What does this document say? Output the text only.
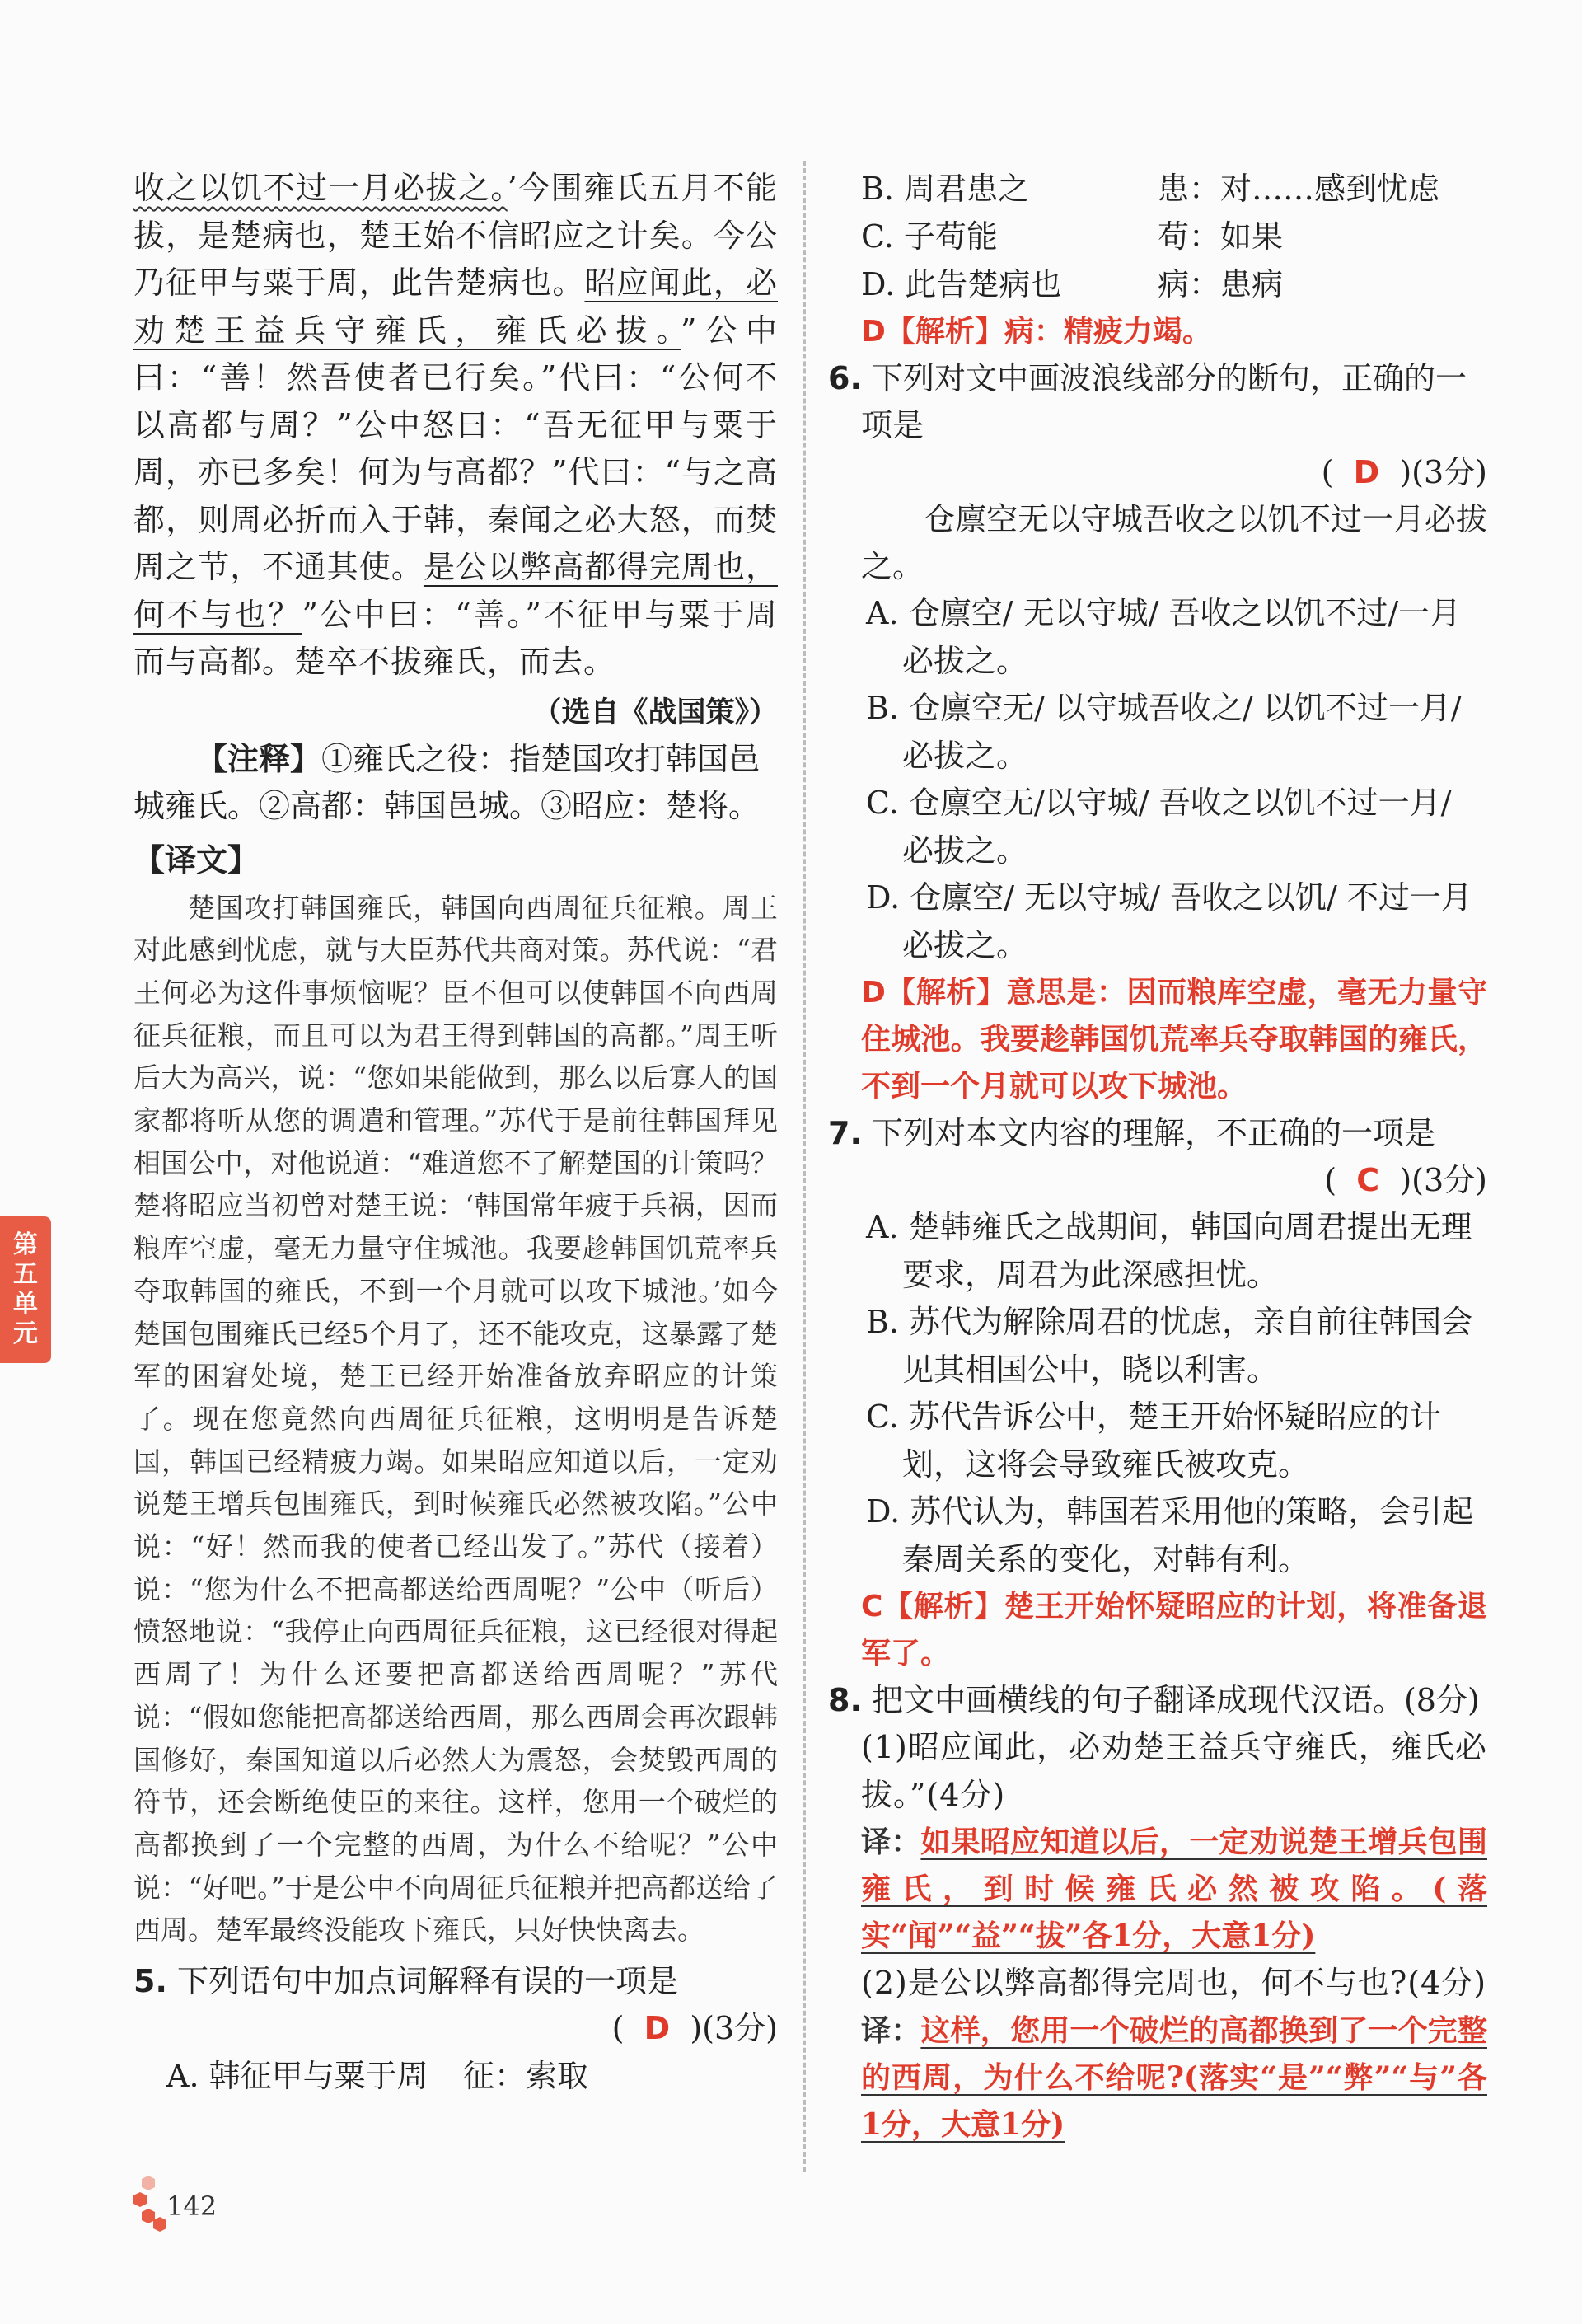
收之以饥不过一月必拔之。’今围雍氏五月不能拔，是楚病也，楚王始不信昭应之计矣。今公乃征甲与粟于周，此告楚病也。昭应闻此，必劝楚王益兵守雍氏，雍氏必拔。”公中曰：“善！然吾使者已行矣。”代曰：“公何不以高都与周？”公中怒曰：“吾无征甲与粟于周，亦已多矣！何为与高都？”代曰：“与之高都，则周必折而入于韩，秦闻之必大怒，而焚周之节，不通其使。是公以弊高都得完周也，何不与也？”公中曰：“善。”不征甲与粟于周而与高都。楚卒不拔雍氏，而去。

（选自《战国策》）

【注释】①雍氏之役：指楚国攻打韩国邑城雍氏。②高都：韩国邑城。③昭应：楚将。

【译文】

楚国攻打韩国雍氏，韩国向西周征兵征粮。周王对此感到忧虑，就与大臣苏代共商对策。苏代说：“君王何必为这件事烦恼呢？臣不但可以使韩国不向西周征兵征粮，而且可以为君王得到韩国的高都。”周王听后大为高兴，说：“您如果能做到，那么以后寡人的国家都将听从您的调遣和管理。”苏代于是前往韩国拜见相国公中，对他说道：“难道您不了解楚国的计策吗？楚将昭应当初曾对楚王说：‘韩国常年疲于兵祸，因而粮库空虚，毫无力量守住城池。我要趁韩国饥荒率兵夺取韩国的雍氏，不到一个月就可以攻下城池。’如今楚国包围雍氏已经5个月了，还不能攻克，这暴露了楚军的困窘处境，楚王已经开始准备放弃昭应的计策了。现在您竟然向西周征兵征粮，这明明是告诉楚国，韩国已经精疲力竭。如果昭应知道以后，一定劝说楚王增兵包围雍氏，到时候雍氏必然被攻陷。”公中说：“好！然而我的使者已经出发了。”苏代（接着）说：“您为什么不把高都送给西周呢？”公中（听后）愤怒地说：“我停止向西周征兵征粮，这已经很对得起西周了！为什么还要把高都送给西周呢？”苏代说：“假如您能把高都送给西周，那么西周会再次跟韩国修好，秦国知道以后必然大为震怒，会焚毁西周的符节，还会断绝使臣的来往。这样，您用一个破烂的高都换到了一个完整的西周，为什么不给呢？”公中说：“好吧。”于是公中不向周征兵征粮并把高都送给了西周。楚军最终没能攻下雍氏，只好快快离去。

5. 下列语句中加点词解释有误的一项是

( D )(3分)

A. 韩征甲与粟于周	征：索取
B. 周君患之	患：对……感到忧虑
C. 子苟能	苟：如果
D. 此告楚病也	病：患病

D【解析】病：精疲力竭。

6. 下列对文中画波浪线部分的断句，正确的一项是

( D )(3分)

仓廪空无以守城吾收之以饥不过一月必拔之。

A. 仓廪空/ 无以守城/ 吾收之以饥不过/一月必拔之。

B. 仓廪空无/ 以守城吾收之/ 以饥不过一月/ 必拔之。

C. 仓廪空无/以守城/ 吾收之以饥不过一月/ 必拔之。

D. 仓廪空/ 无以守城/ 吾收之以饥/ 不过一月必拔之。

D【解析】意思是：因而粮库空虚，毫无力量守住城池。我要趁韩国饥荒率兵夺取韩国的雍氏，不到一个月就可以攻下城池。

7. 下列对本文内容的理解，不正确的一项是

( C )(3分)

A. 楚韩雍氏之战期间，韩国向周君提出无理要求，周君为此深感担忧。

B. 苏代为解除周君的忧虑，亲自前往韩国会见其相国公中，晓以利害。

C. 苏代告诉公中，楚王开始怀疑昭应的计划，这将会导致雍氏被攻克。

D. 苏代认为，韩国若采用他的策略，会引起秦周关系的变化，对韩有利。

C【解析】楚王开始怀疑昭应的计划，将准备退军了。

8. 把文中画横线的句子翻译成现代汉语。(8分)

(1)昭应闻此，必劝楚王益兵守雍氏，雍氏必拔。”(4分)

译：如果昭应知道以后，一定劝说楚王增兵包围雍氏，到时候雍氏必然被攻陷。(落实“闻”“益”“拔”各1分，大意1分)

(2)是公以弊高都得完周也，何不与也?(4分)

译：这样，您用一个破烂的高都换到了一个完整的西周，为什么不给呢?(落实“是”“弊”“与”各1分，大意1分)

第
五
单
元
142
